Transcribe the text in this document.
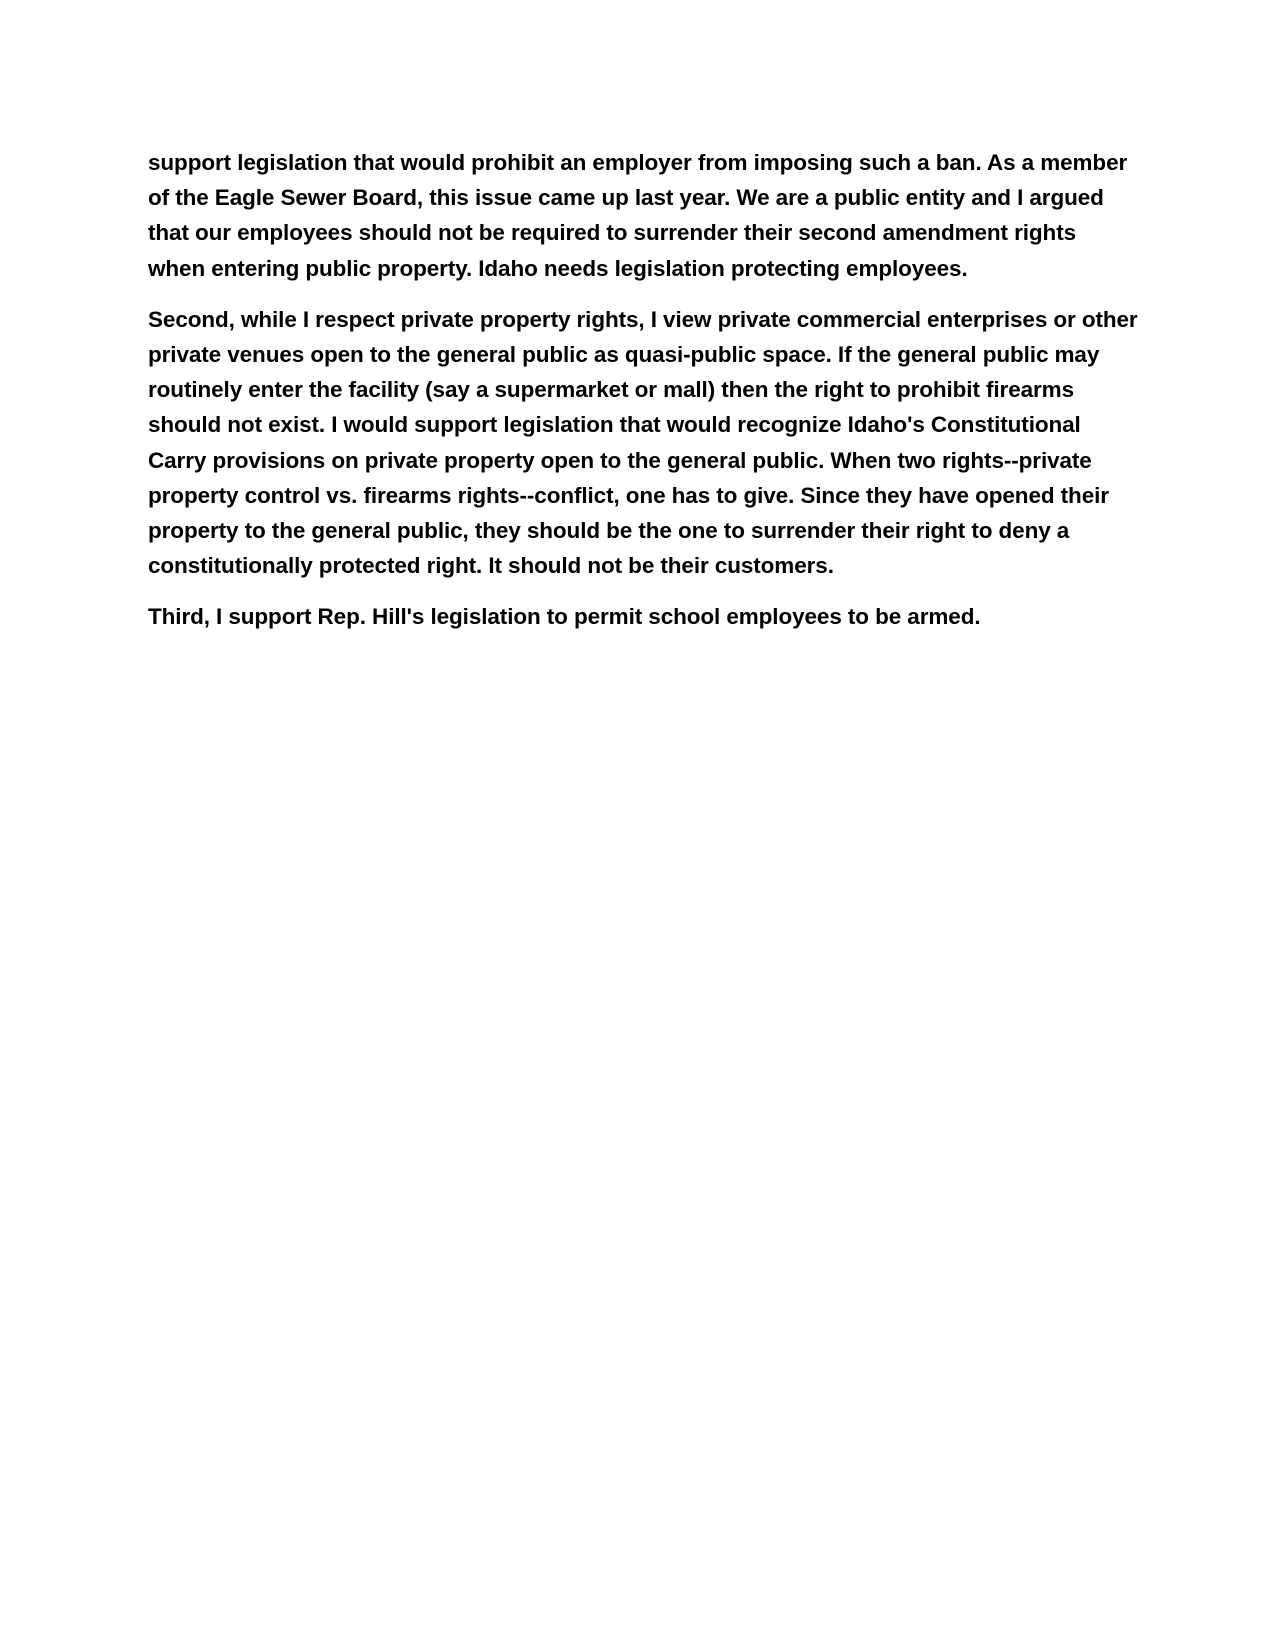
support legislation that would prohibit an employer from imposing such a ban. As a member of the Eagle Sewer Board, this issue came up last year. We are a public entity and I argued that our employees should not be required to surrender their second amendment rights when entering public property. Idaho needs legislation protecting employees.

Second, while I respect private property rights, I view private commercial enterprises or other private venues open to the general public as quasi-public space. If the general public may routinely enter the facility (say a supermarket or mall) then the right to prohibit firearms should not exist. I would support legislation that would recognize Idaho's Constitutional Carry provisions on private property open to the general public. When two rights--private property control vs. firearms rights--conflict, one has to give. Since they have opened their property to the general public, they should be the one to surrender their right to deny a constitutionally protected right. It should not be their customers.

Third, I support Rep. Hill's legislation to permit school employees to be armed.
